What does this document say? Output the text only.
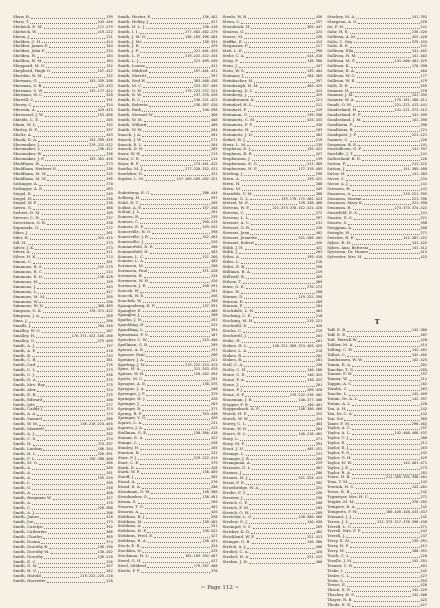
Shaw, R.	199
Shaw, T.	243-446
Shebeck, E. M.	171-279
Shebeck, W.	219-222
Sheen, J.	211
Shelden, C. H.	414
Shelden, James F.	184
Shelden, John F.	234
Shelden, H.	184
Shelden, H. M.	184
Sheppard, M. G.	152
Shepherd, Hugh O.	157-422
Sherdon, R. M.	132
Sherman, G.	153-339-296
Sherman, S. B.	322-433
Sherman, S. W.	132-177-422
Sherman, W. C.	328
Sherrill, C.	291
Sherry, C.	314
Sherwin, A.	419-425
Sherwood, J. W.	153-486
Shields, C. E.	205
Shinn, W. L.	192
Shirley, R. P.	297
Sholtz, A.	283
Shook, D. A.	153-399-435
Shoemaker, J.	219-222-422
Shoemaker, L.	236-422
Shoemaker, W.	236
Shoemaker, J. P.	153-381-426
Shuldham, W.	273
Shuldham, Herbert N.	236
Shuldham, M. W.	235
Shuldham, M. W.	296
Sickinger, A.	270
Sickinger, A. E.	283
Siegel, E.	249
Siegel, H.	238
Siegel, W. F.	238
Sierra, G.	388
Siebert, D. M.	199
Sievers, C. H.	237
Sievertson, G. B.	238
Sigmonds, O.	272
Sikes, J.	261
Siler, H.	421-425
Sill, H.	273
Silver, J. K.	273
Silver, A.	411
Silver, H. K.	274
Simon, C.	281
Simmons, R. S.	152-279
Simmons, R. C.	214
Simmons, E. D.	136-428
Simmons, H.	159
Simmons, J.	283
Simmons, L.	427
Simmons, M. M.	209
Simmons, W.	256
Simmons, W. N.	368-369
Simpson, G. K.	176-371-422
Simpson, J. A.	209
Sims, J.	206
Smalls, J.	204-348
Smalley, W. O.	287
Smalley, H.	176-371-422-185-200
Smalley, O.	275-409
Smith, A. J.	197
Smith, A. P.	218
Smith, B.	234
Smith, C. B.	281
Smith, Carl	276
Smith, C. L.	273
Smith, C. J.	236
Smith, D. A.	375
Smith, Mrs. Ray	275
Smith, Alex	224
Smith, E. R.	275
Smith, Edward	200
Smith, Jule	277
Smith, Caddy J.	274
Smith, A. A.	174
Smith, Samuel	280
Smith, W. M.	136-218-224-465
Smith, Maxwell	428
Smith, A. J.	282
Smith, C. S.	274
Smith, H.	373-297
Smith, Lindsay	186-264
Smith, H. L.	226-391
Smith, F. L.	136-390-400
Smith, M. O.	200
Smith, A.	280
Smith, A.	201
Smith, A.	193-220
Smith, L.	299
Smith, G.	258
Smith, A.	408
Smith, Benjamin W.	427
Smith, A.	170
Smith, C.	226-388
Smith, A. J.	206
Smith, James	410
Smith, Joe	173
Smith, Carolyn	392
Smith, Catherine	386
Smith, Charles	369
Smith, Donna	374
Smith, Dorothy B.	136-190
Smith, Dorothy M.	136-202
Smith, Dorothy	136-210
Smith, E. C.	226
Smith, G. M.	457
Smith, H. G.	262
Smith, Harold	219-222-225-218
Smith, Harriette	228
Smith, Hester, E.	136-402
Smith, Holley, J.	427
Smith, H. L. J.	136-418
Smith, I. I.	277-402-402-279
Smith, J. M. D.	136-183-396-404
Smith, J. Mc.	136-391
Smith, J. R.	429
Smith, J. F.	221-401-429
Smith, L. F.	219-222-422-434
Smith, L. J.	221-409-436
Smith, Louise	411
Smith, Mildred	157-401-431
Smith, Merritt	397
Smith, Ned H.	383-408-436
Smith, M. C.	223-367-405
Smith, O. H.	175-223-237-241
Smith, R. W.	137-378-426
Smith, R. C.	136-221-422
Smith, Roberta	136-367-426
Smith, Ruth	248-398
Smith, Stewart W.	366
Smith, W. M.	408
Smith, Willard	409
Smith, W. W.	204
Smock, J. A.	201
Smock, J. W.	271
Smock, E. L.	264
Smock, D. H.	205
Snow, W. H.	213
Snow, C. E.	214
Snow, B. F.	173-401-422
Snotha, M. J.	277-320-352-431
Snodoker, D.	422
Snyder, L. M.	137-169-169-202-421
Soderberg, E. C.	286-444
Solberg, H.	297
Solid, R. T.	209
Soldat, A. E.	157-348
Soltan, J. L.	201
Somers, B.	239
Somers, C.	290-415
Somers, E. F.	349-432
Somerville, H. O.	398
Somerville, J. B.	352-403
Somerville, J.	226
Sommerfeld, D. E.	206
Sommerfeld, H.	403
Sonnen, L. C.	137-260
Sonnen, L. A.	405
Sorensen, M.	208
Sorensen, Paul	371-428
Sorensen, B.	234
Sorensen, W. H.	426
Sorenson, J. E.	258-391
Soucek, W.	201
Soucek, W. E.	256
Souchek, W.	358
Spangenberg, E. P.	137-391
Spangler, E.	406
Spangler, J.	208
Sparks, J. N.	207
Spaulding, H.	222
Spaulding, L.	394
Spearman, F. S.	187
Speicher, C. W.	223-406
Spellman, G. R.	209
Spence, A. E.	231
Spencer, Paul	266
Spenner, J. A.	221
Sperling, J. W.	219-222-224-413
Spiro, H. A.	221-353-429
Spitzer, W. H.	128-262-394
Spotts, M. C.	201
Sprague, A. E.	138-376
Sprague, J. A.	208
Sprenger, J. P.	379
Springer, H. J.	420
Springer, J.	283
Springer, R.	371
Spring, R. P.	353-438
Springer, V. G.	426
Squire, L. A.	231
Squires, J. A.	223
Stallman, G. E.	138-386-418
Stamm, E. A.	422
Stange, L.	438
Stanley, H.	205
Stanton, R.	222
Starr, P. J.	219-222-414
Starr, C. E.	379
Stark, E.	428
Stark, W. P.	138-405
Stauff, J.	382
Stead, A.	276
Stead, E. A.	208
Steadman, D. W.	138-380
Steadmeker, G.	138-401
Steam, S.	209
Stearns, T. G.	402
Stearns, A.	426
Stebbins, R. J.	298
Stebbins, M.	138-402
Stebbins, A.	251
Stebbins, H. P.	138-422
Stebbins, Fred, E.	427
Stebbins, R. A.	138-431
Steck, E. B.	424
Stecklen, N.	225
Steckman, H. L.	181-183-392-407
Steed, G. H.	427
Steel, Mildred	179-397-408
Steele, P. F.	370
Steele, W. B.	436
Steen, C.	257
Steenbuck, H.	385-447
Stearns, G.	224
Steere, M.	238
Steffke, E.	413
Stegmaier, F.	217
Steil, L. E.	390
Stehr, C. A.	414-418
Steig, F.	138-380
Stein, J.	447
Stein, W. S.	139-404
Steinaur, J.	184-369
Steinbacher, H.	397
Steinbaugh, H. M.	403-429
Steinberg, D. L.	422
Steinberg, J.	429
Steinbrenner, A.	221
Steindorf, H. L.	212
Steinhart, F.	419
Steinman, G.	139-398
Steinmetz, C. M.	425-433
Steinmetz, F. F.	436
Steinmetz, H.	183
Steinmetz, J. D.	403
Stekel, W. J.	219
Stenz, L. M.	139
Stephens, D. J.	139-422
Stephens, B. R.	427
Stephenson, J.	139
Stephenson, E. G.	213-369
Stephenson, H. F.	177-319-409
Sterling, J.	298
Stern, A.	139-422
Stern, H.	288
Stern, M.	349
Sternfels, V. M.	388
Stetson, G. L.	139-170-171-402-423
Stetzel, M. E.	139-338-408
Stevens, W. P.	221-373-378-412-421-428
Stevens, C.	272
Stevens, L. L.	397
Stewart, A. C.	231
Stewart, G. R.	226
Stewart, Jean	402
Stewart, Jeanette	221-268-402
Stewart, Robert	420
Stibb, J. H.	422
Stibb, J.	203
Stiles, A.	199-410
Stiles, L.	216
Stiles, E. B.	398
Stillman, R. A.	219
Stillwell, B.	269
Stilson, T.	409
Stine, G. E.	270-273
Stine, W.	268
Stinner, D.	219-222-398
Stinson, E.	209
Stinson, P.	284
Stockdale, L. H.	403
Stocking, C. E.	218
Stocking, M. H.	219-221
Stockstill, E.	426
Stocks, C.	219
Stockwell, J.	203
Stoke, H.	201
Stokes, H. L.	140-221-369-374-403-425
Stokes, L. A.	210
Stokes, R.	282
Stokes, R.	201
Stoll, C. A.	230
Stoltz, C. H.	140-186
Stone, C. E.	140-425
Stone, F. A.	140-422
Stone, J.	201
Stone, P. J.	269-420
Stone, S. P.	219-222-236-402
Stoneman, J. R.	140-377-406
Stopper, F. R.	140-401
Stoppenbach, A. F.	140-386-406
Storck, H. P.	422
Storck, W. W.	414
Storey, C. L.	403
Storm, W. D.	284
Storrs, H. L.	140-218-402
Story, L.	271
Story, M. F.	394
Stout, J. N.	405-422
Strange, L.	231
Stranger, J. B.	205
Strangman, A.	229
Strassen, G. L.	402
Strauss, J.	286
Strauss, H. J.	221-324-413
Straw, F. E.	392
Strawbridge, W. A.	225
Strebe, F. T.	230
Streeter, J.	236
Streich, C. P.	280
Streich, F. M.	205
Streich, O. H.	209
Streicher, L. G.	140-386-406
Strelow, G. J.	140-430
Strempel, V. C.	269
Stricker, K. D.	402
Strickland, W. F.	221-413
Stringer, G. B.	140-386
Stritch, A. J.	406
Strobel, C. A.	426
Strobel, H. A.	221-413
Strohm, J. H.	406
Stuckey, M. A.	141-392
Sturgeon, A. G.	428
Su, F. H.	141
Suhr, H. E.	236-426
Sullivan, A. M.	425-428
Sulis, C. Guy	379-433
Sulis, R. E.	141
Sullivan, Ella	141-402
Sullivan, H. M.	141-402
Sullivan, M. P.	141-400-401-429
Sullivan, K.	176-398
Sullivan, R. A.	484
Sullivan, W. C.	177
Sullivan, W. E.	479
Sulls, E. E.	459
Sumner, H.	370
Sumner, J. M.	141-395
Sumner, W. A.	175-181-186-411
Sundt, O. M.	221-222-413-441
Sunderland, H.	141-221-373-412
Sunderland, E. P.	141-399
Sunderland, J. M.	141-390
Sundheim, F.	396
Sundheim, B.	221
Sundquist, J. P.	221-221
Sunnee, C.	226
Surgenor, B. E.	141
Surredhoen, G. F.	141-397
Sutcliffe, J. T.	141
Sutherland, B. E.	226
Sutton, P.	211-422
Sutton, J.	141-385-408
Suvor, H.	141-385
Suver, C.	234
Suvor, A. J.	141
Svensen, H.	141
Swanson, A.	219-221-392
Swanson, Marian	221-396
Swanson, Mary K.	221-398
Swanson, R.	273-373-374-422
Swartfeld, E. S.	141
Swartz, D. S.	221
Swarts, S.	398
Swiggum, A.	208
Swingle, H.	271
Swisher, R. E.	141-387-422
Sykes, R. H.	141-422
Sykes, Ann, Belvesta	141-412
Syverson, Dr. Homer	413
Sylvester, Mrs. H.	422
T
Taff, E. B.	142-386
Taff, E. E.	407
Taft, Patrick W.	428
Taliber, M. A.	414
Talling, C. H.	142-401
Talbot, C.	142-402
Tambunsen, W. W.	142-425
Tamin, R. A.	201
Tanchin, T. G.	205
Tanner, F. W.	197
Tanner, W.	211
Tappin, A. C.	202
Taralss, C.	263
Tauche, L.	142-409
Tatum, Dr. A. L.	142-397
Tatum, A. L.	428
Tax, A. H.	142
Tax, Dr. C. A.	142
Tax, Sol	369
Taxer, F. M.	296-402
Taylor, A. C.	197
Taylor, A. L.	142-408-466-437
Taylor, C. J.	286
Taylor, E.	211
Taylor, E. J.	263
Taylor, F. G.	142
Taylor, G. H.	429
Taylor, H. W.	142-401-471
Taylor, J. E.	273
Taylor, R. A.	181
Teare, H. B.	211-389-394-398-401
Teas, T. M.	142
Teerink, H. C.	142-401
Teese, R. B.	142
Tegmeyer, Mrs. H. C.	272
Teigler, M. M.	376-392
Tempest, R. A.	142
Temperts, F. W.	186-426-428-433-437
Tennant, J. J.	142
Teresi, J. L.	221-373-317-378-396-438
Terrell, L. C.	271
Terrell, Mrs. F. P.	142
Terrell, J.	237
Terry, E. M.	139-391
Terry, H. F.	412
Terry, M.	180-391
Tesch, C. L.	220
Teselle, J. M.	142-391
Tesmer, C. R.	401
Teske, I.	142
Tesler, C. L.	427
Testa, L.	393
Tewes, E.	428
Thach, E. E.	142-429
Thacker, H. S.	142-406
Thayer, R. B.	422
Thede, E. E.	427
~ Page 112 ~
